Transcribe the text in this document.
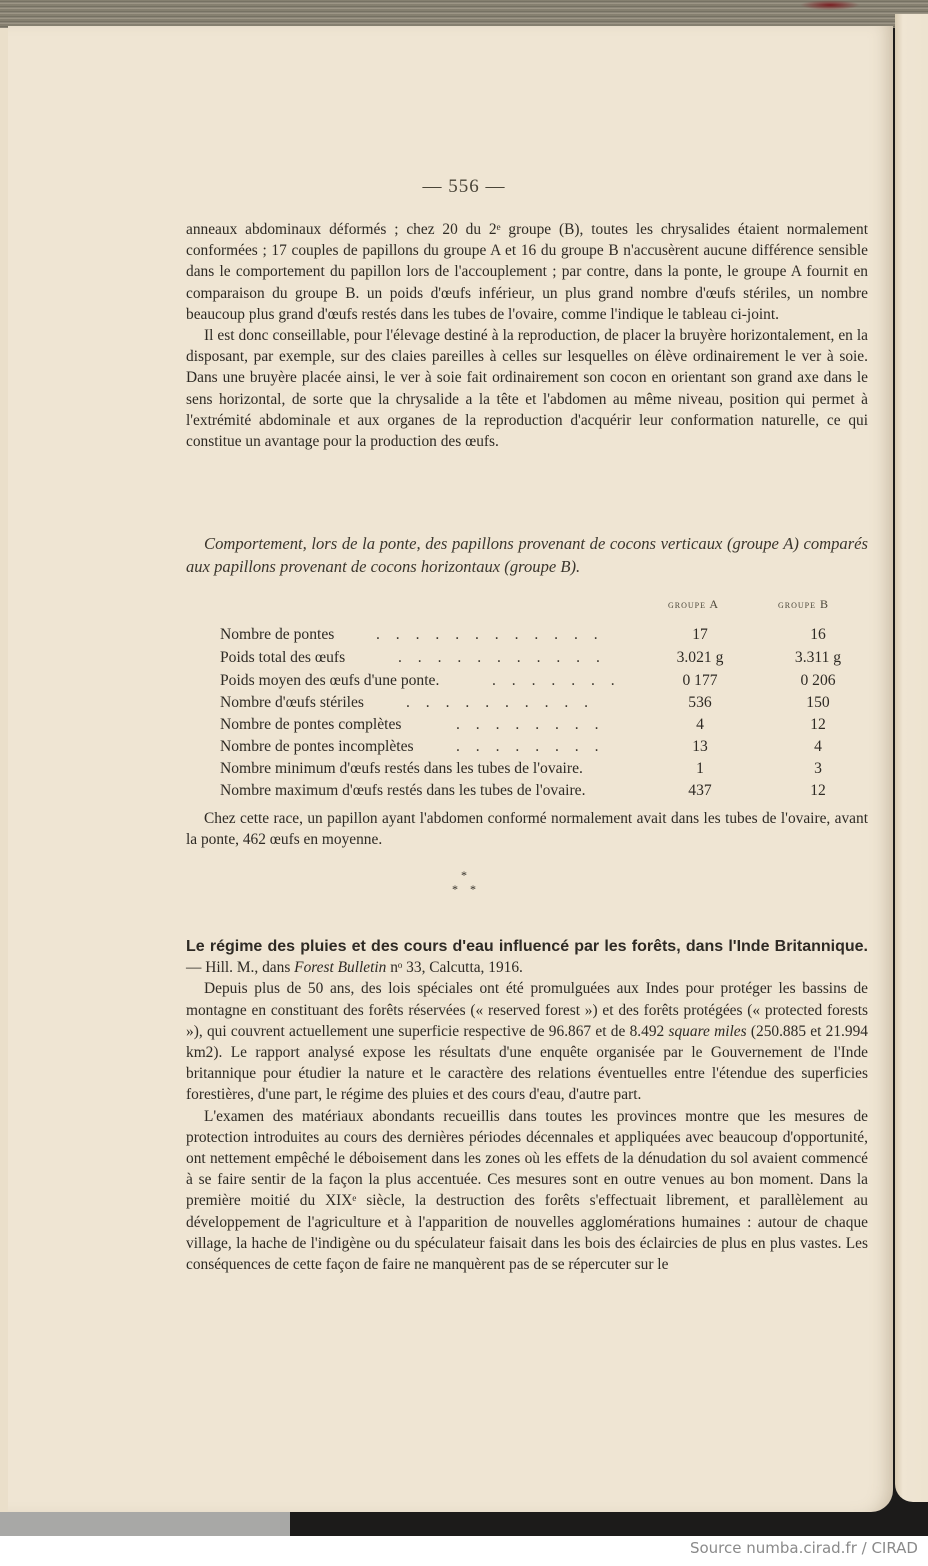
— 556 —

anneaux abdominaux déformés ; chez 20 du 2ᵉ groupe (B), toutes les chrysalides étaient normalement conformées ; 17 couples de papillons du groupe A et 16 du groupe B n'accusèrent aucune différence sensible dans le comportement du papillon lors de l'accouplement ; par contre, dans la ponte, le groupe A fournit en comparaison du groupe B. un poids d'œufs inférieur, un plus grand nombre d'œufs stériles, un nombre beaucoup plus grand d'œufs restés dans les tubes de l'ovaire, comme l'indique le tableau ci-joint.

Il est donc conseillable, pour l'élevage destiné à la reproduction, de placer la bruyère horizontalement, en la disposant, par exemple, sur des claies pareilles à celles sur lesquelles on élève ordinairement le ver à soie. Dans une bruyère placée ainsi, le ver à soie fait ordinairement son cocon en orientant son grand axe dans le sens horizontal, de sorte que la chrysalide a la tête et l'abdomen au même niveau, position qui permet à l'extrémité abdominale et aux organes de la reproduction d'acquérir leur conformation naturelle, ce qui constitue un avantage pour la production des œufs.

Comportement, lors de la ponte, des papillons provenant de cocons verticaux (groupe A) comparés aux papillons provenant de cocons horizontaux (groupe B).

groupe A	groupe B
Nombre de pontes	. . . . . . . . . . . .	17	16
Poids total des œufs	. . . . . . . . . . .	3.021 g	3.311 g
Poids moyen des œufs d'une ponte.	. . . . . . .	0 177	0 206
Nombre d'œufs stériles	. . . . . . . . . .	536	150
Nombre de pontes complètes	. . . . . . . .	4	12
Nombre de pontes incomplètes	. . . . . . . .	13	4
Nombre minimum d'œufs restés dans les tubes de l'ovaire.	1	3
Nombre maximum d'œufs restés dans les tubes de l'ovaire.	437	12

Chez cette race, un papillon ayant l'abdomen conformé normalement avait dans les tubes de l'ovaire, avant la ponte, 462 œufs en moyenne.

*
*    *

Le régime des pluies et des cours d'eau influencé par les forêts, dans l'Inde Britannique. — Hill. M., dans Forest Bulletin nᵒ 33, Calcutta, 1916.

Depuis plus de 50 ans, des lois spéciales ont été promulguées aux Indes pour protéger les bassins de montagne en constituant des forêts réservées (« reserved forest ») et des forêts protégées (« protected forests »), qui couvrent actuellement une superficie respective de 96.867 et de 8.492 square miles (250.885 et 21.994 km2). Le rapport analysé expose les résultats d'une enquête organisée par le Gouvernement de l'Inde britannique pour étudier la nature et le caractère des relations éventuelles entre l'étendue des superficies forestières, d'une part, le régime des pluies et des cours d'eau, d'autre part.

L'examen des matériaux abondants recueillis dans toutes les provinces montre que les mesures de protection introduites au cours des dernières périodes décennales et appliquées avec beaucoup d'opportunité, ont nettement empêché le déboisement dans les zones où les effets de la dénudation du sol avaient commencé à se faire sentir de la façon la plus accentuée. Ces mesures sont en outre venues au bon moment. Dans la première moitié du XIXᵉ siècle, la destruction des forêts s'effectuait librement, et parallèlement au développement de l'agriculture et à l'apparition de nouvelles agglomérations humaines : autour de chaque village, la hache de l'indigène ou du spéculateur faisait dans les bois des éclaircies de plus en plus vastes. Les conséquences de cette façon de faire ne manquèrent pas de se répercuter sur le

Source numba.cirad.fr / CIRAD
